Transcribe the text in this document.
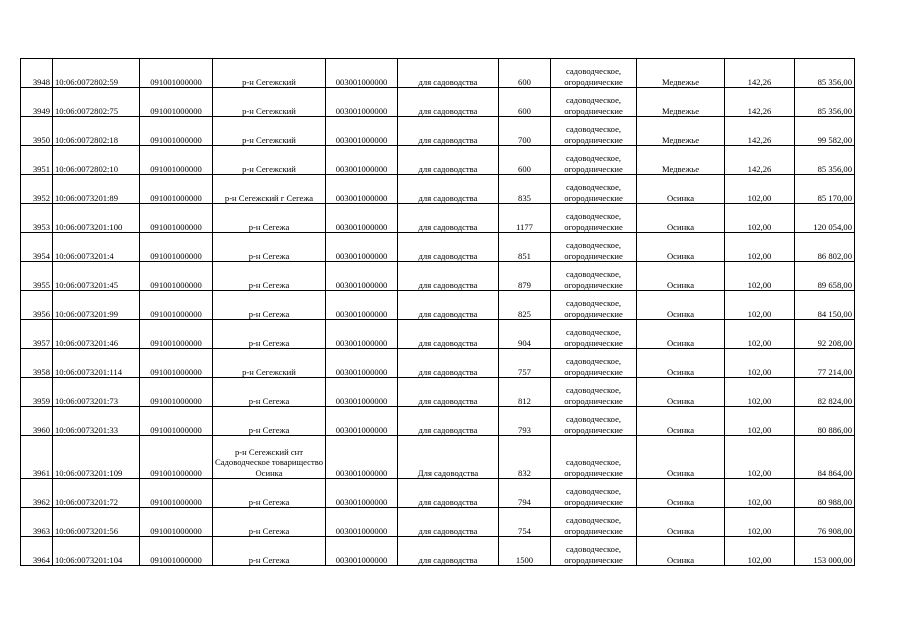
3948	10:06:0072802:59	091001000000	р-н Сегежский	003001000000	для садоводства	600	садоводческое, огороднические	Медвежье	142,26	85 356,00
3949	10:06:0072802:75	091001000000	р-н Сегежский	003001000000	для садоводства	600	садоводческое, огороднические	Медвежье	142,26	85 356,00
3950	10:06:0072802:18	091001000000	р-н Сегежский	003001000000	для садоводства	700	садоводческое, огороднические	Медвежье	142,26	99 582,00
3951	10:06:0072802:10	091001000000	р-н Сегежский	003001000000	для садоводства	600	садоводческое, огороднические	Медвежье	142,26	85 356,00
3952	10:06:0073201:89	091001000000	р-н Сегежский г Сегежа	003001000000	для садоводства	835	садоводческое, огороднические	Осинка	102,00	85 170,00
3953	10:06:0073201:100	091001000000	р-н Сегежа	003001000000	для садоводства	1177	садоводческое, огороднические	Осинка	102,00	120 054,00
3954	10:06:0073201:4	091001000000	р-н Сегежа	003001000000	для садоводства	851	садоводческое, огороднические	Осинка	102,00	86 802,00
3955	10:06:0073201:45	091001000000	р-н Сегежа	003001000000	для садоводства	879	садоводческое, огороднические	Осинка	102,00	89 658,00
3956	10:06:0073201:99	091001000000	р-н Сегежа	003001000000	для садоводства	825	садоводческое, огороднические	Осинка	102,00	84 150,00
3957	10:06:0073201:46	091001000000	р-н Сегежа	003001000000	для садоводства	904	садоводческое, огороднические	Осинка	102,00	92 208,00
3958	10:06:0073201:114	091001000000	р-н Сегежский	003001000000	для садоводства	757	садоводческое, огороднические	Осинка	102,00	77 214,00
3959	10:06:0073201:73	091001000000	р-н Сегежа	003001000000	для садоводства	812	садоводческое, огороднические	Осинка	102,00	82 824,00
3960	10:06:0073201:33	091001000000	р-н Сегежа	003001000000	для садоводства	793	садоводческое, огороднические	Осинка	102,00	80 886,00
3961	10:06:0073201:109	091001000000	р-н Сегежский снт Садоводческое товарищество Осинка	003001000000	Для садоводства	832	садоводческое, огороднические	Осинка	102,00	84 864,00
3962	10:06:0073201:72	091001000000	р-н Сегежа	003001000000	для садоводства	794	садоводческое, огороднические	Осинка	102,00	80 988,00
3963	10:06:0073201:56	091001000000	р-н Сегежа	003001000000	для садоводства	754	садоводческое, огороднические	Осинка	102,00	76 908,00
3964	10:06:0073201:104	091001000000	р-н Сегежа	003001000000	для садоводства	1500	садоводческое, огороднические	Осинка	102,00	153 000,00
